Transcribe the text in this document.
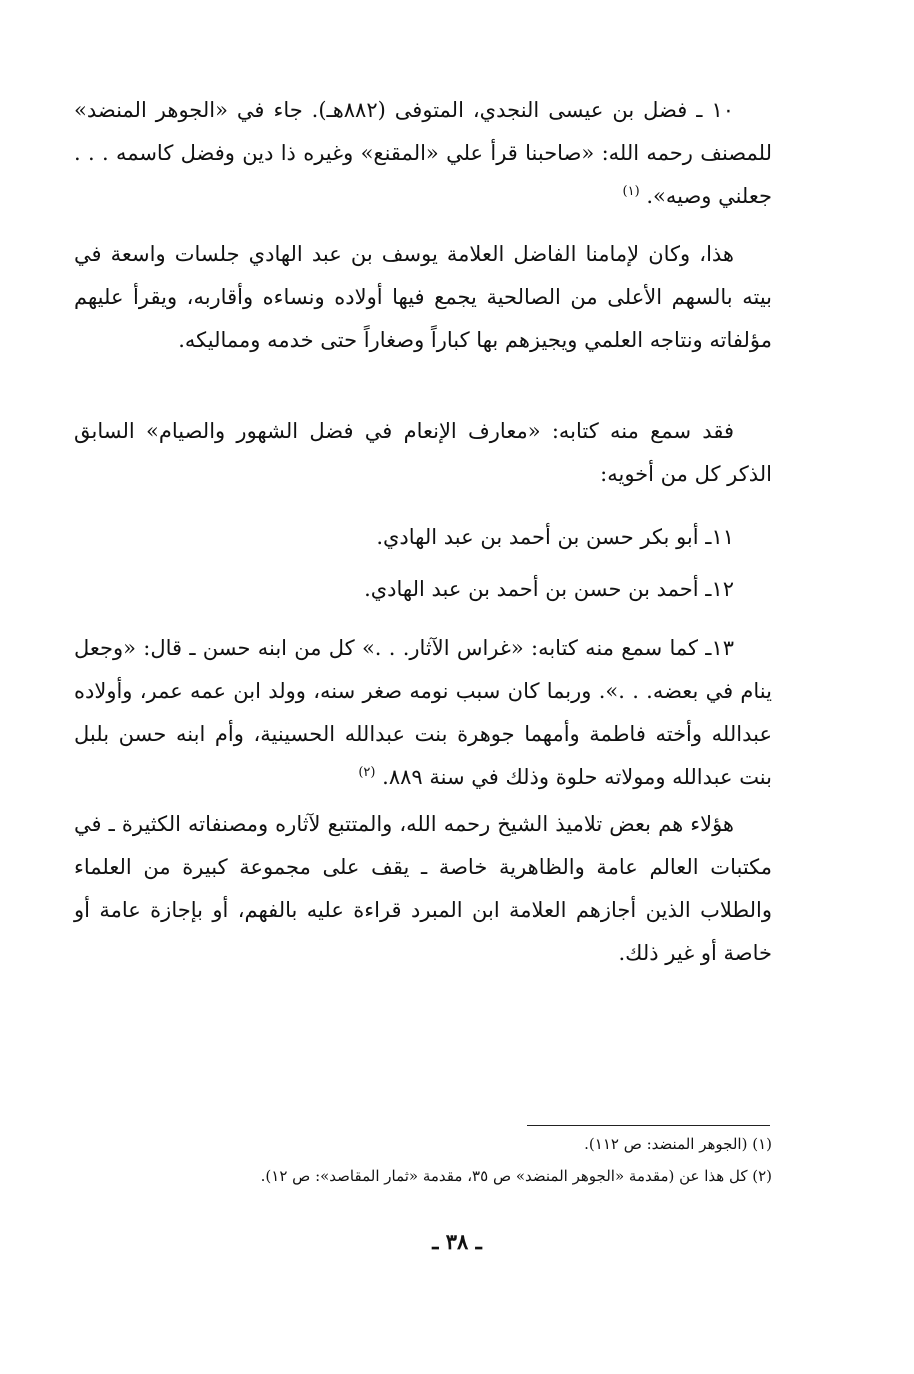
١٠ ـ فضل بن عيسى النجدي، المتوفى (٨٨٢هـ). جاء في «الجوهر المنضد» للمصنف رحمه الله: «صاحبنا قرأ علي «المقنع» وغيره ذا دين وفضل كاسمه . . . جعلني وصيه». $^{(١)}$
هذا، وكان لإمامنا الفاضل العلامة يوسف بن عبد الهادي جلسات واسعة في بيته بالسهم الأعلى من الصالحية يجمع فيها أولاده ونساءه وأقاربه، ويقرأ عليهم مؤلفاته ونتاجه العلمي ويجيزهم بها كباراً وصغاراً حتى خدمه ومماليكه.
فقد سمع منه كتابه: «معارف الإنعام في فضل الشهور والصيام» السابق الذكر كل من أخويه:
١١ـ أبو بكر حسن بن أحمد بن عبد الهادي.
١٢ـ أحمد بن حسن بن أحمد بن عبد الهادي.
١٣ـ كما سمع منه كتابه: «غراس الآثار. . .» كل من ابنه حسن ـ قال: «وجعل ينام في بعضه. . .». وربما كان سبب نومه صغر سنه، وولد ابن عمه عمر، وأولاده عبدالله وأخته فاطمة وأمهما جوهرة بنت عبدالله الحسينية، وأم ابنه حسن بلبل بنت عبدالله ومولاته حلوة وذلك في سنة ٨٨٩. $^{(٢)}$
هؤلاء هم بعض تلاميذ الشيخ رحمه الله، والمتتبع لآثاره ومصنفاته الكثيرة ـ في مكتبات العالم عامة والظاهرية خاصة ـ يقف على مجموعة كبيرة من العلماء والطلاب الذين أجازهم العلامة ابن المبرد قراءة عليه بالفهم، أو بإجازة عامة أو خاصة أو غير ذلك.
(١) (الجوهر المنضد: ص ١١٢).
(٢) كل هذا عن (مقدمة «الجوهر المنضد» ص ٣٥، مقدمة «ثمار المقاصد»: ص ١٢).
ـ ٣٨ ـ
